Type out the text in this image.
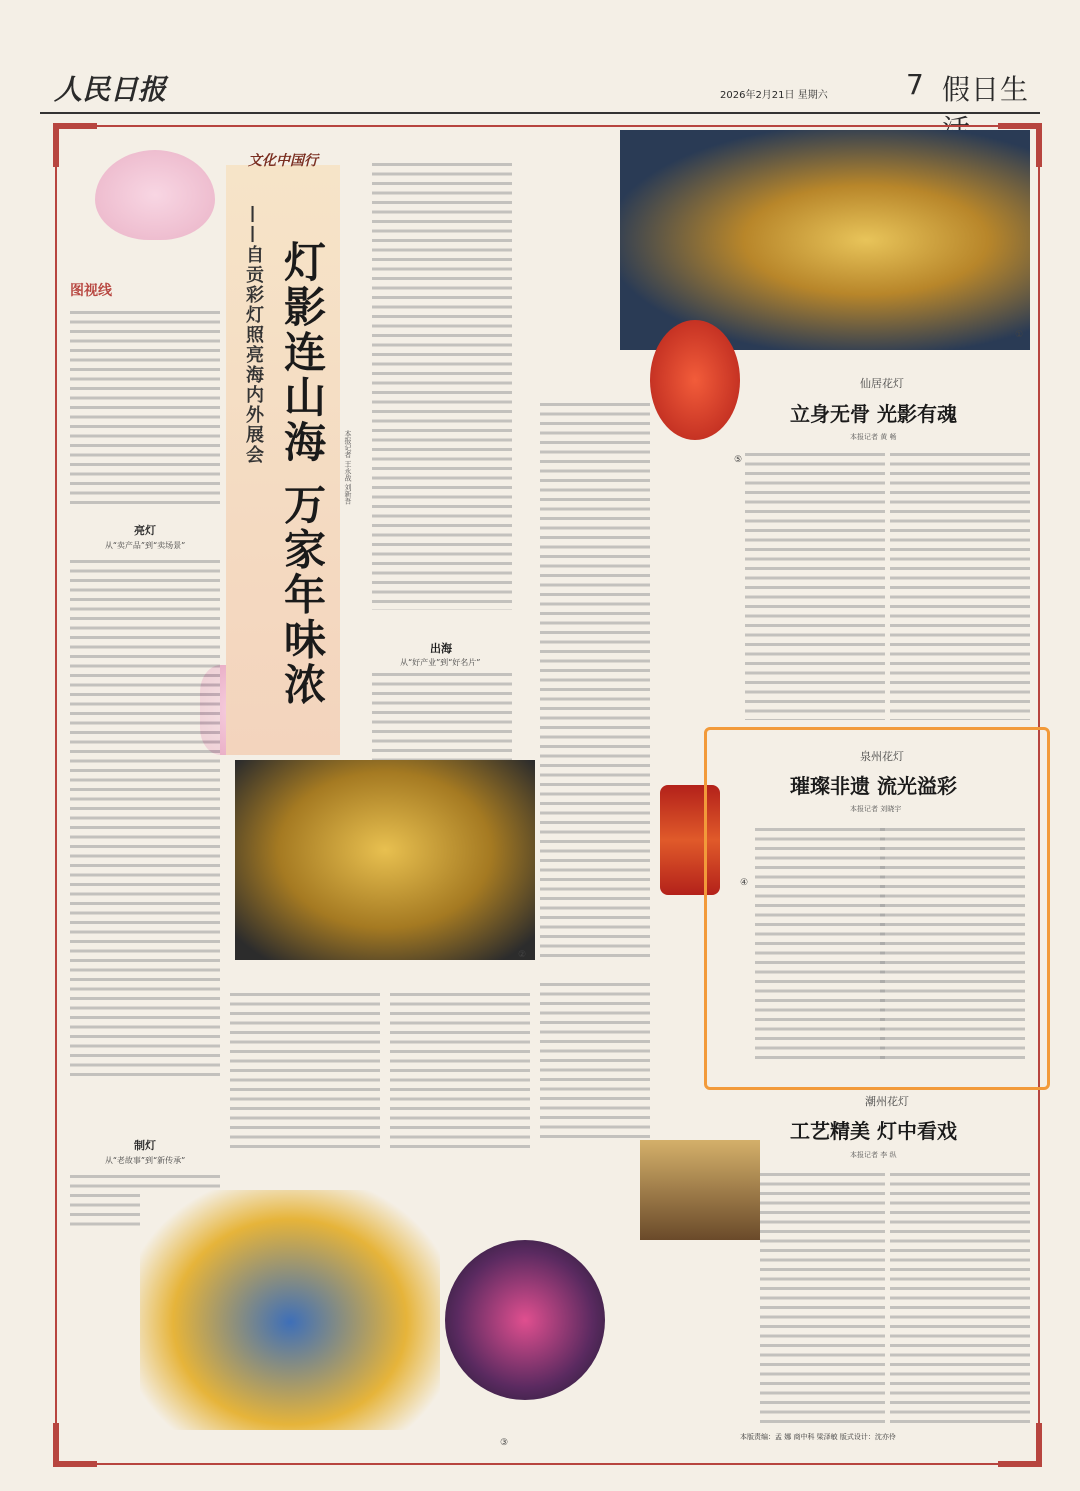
人民日报	2026年2月21日 星期六	7 假日生
图视线
亮灯
从“卖产品”到“卖场景”
制灯
从“老故事”到“新传承”
文化中国行
灯影连山海 万家年味浓
——自贡彩灯照亮海内外展会
本报记者 王永战 刘新吾
出海
从“好产业”到“好名片”
①
②
③
④
⑤
仙居花灯
立身无骨 光影有魂
本报记者 黄 畅
泉州花灯
璀璨非遗 流光溢彩
本报记者 刘晓宇
潮州花灯
工艺精美 灯中看戏
本报记者 李 纵
本版责编：孟 娜 商中科 梁泽敏 版式设计：沈亦伶
